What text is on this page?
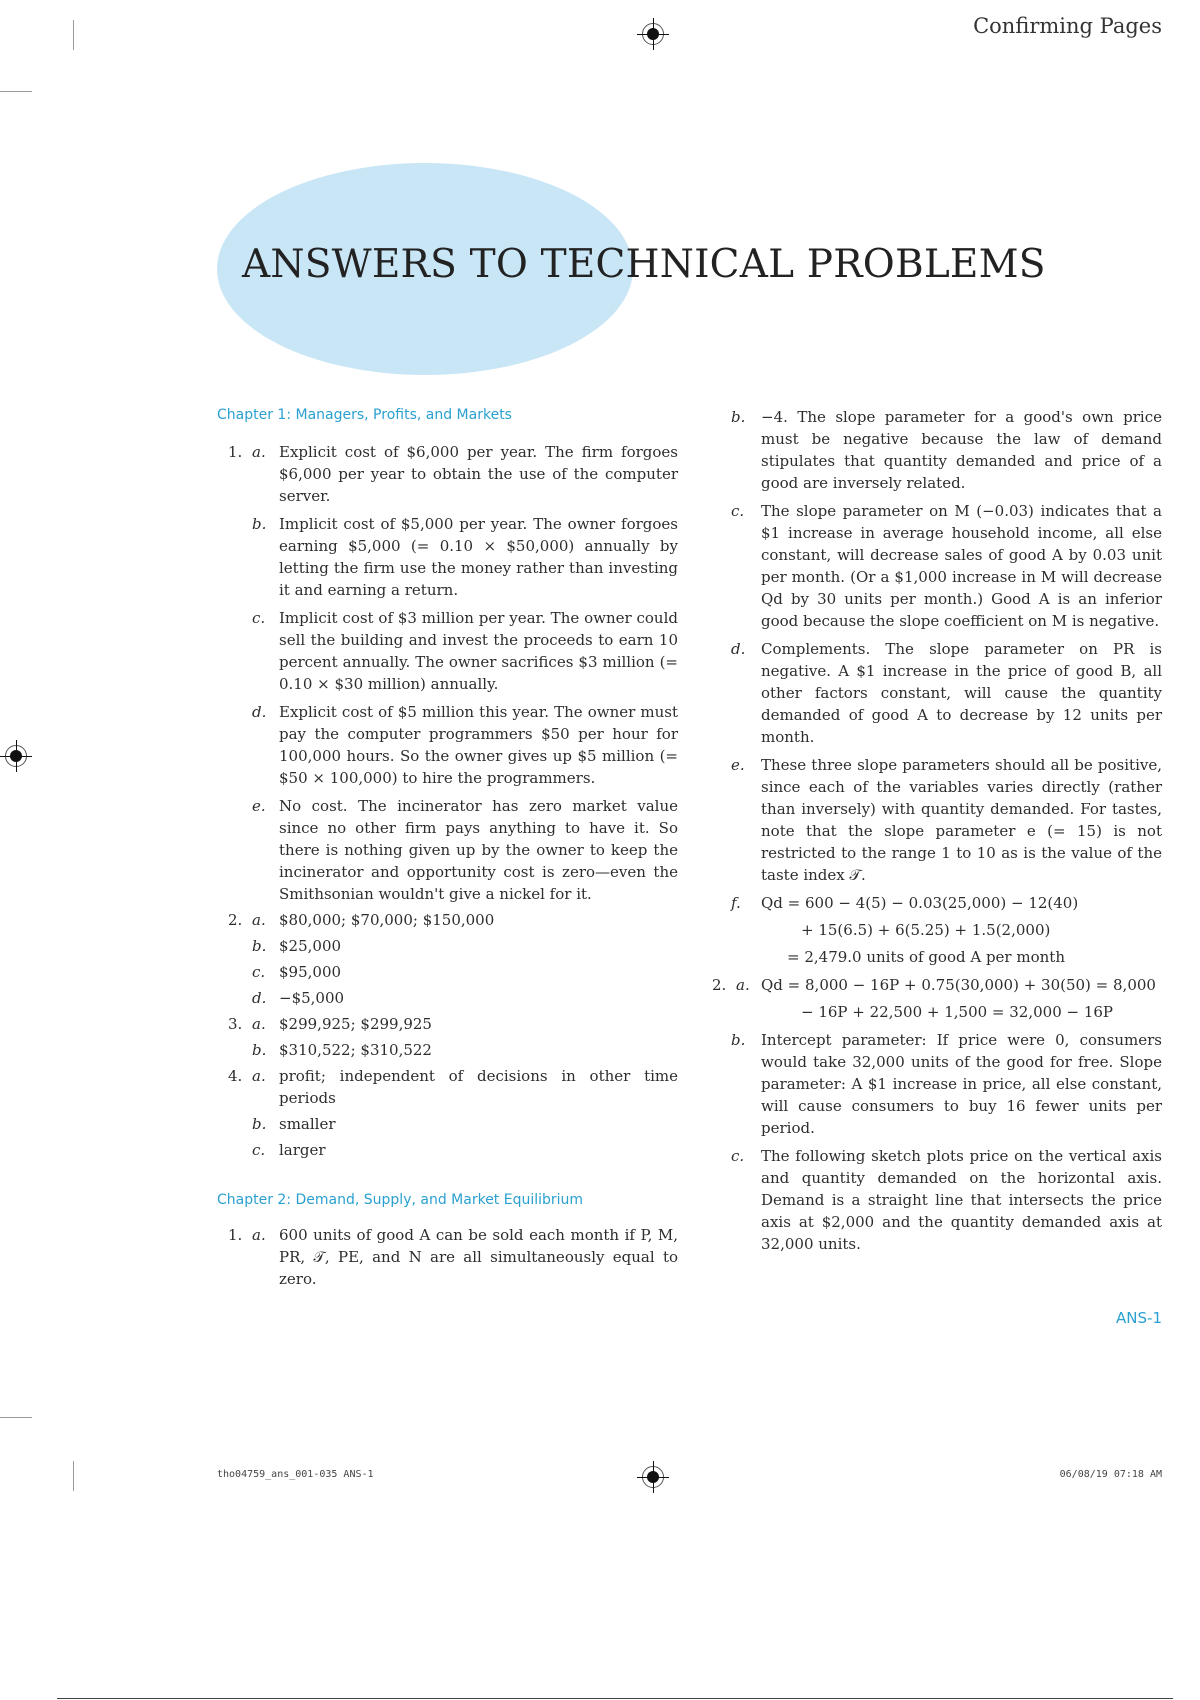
Confirming Pages
ANSWERS TO TECHNICAL PROBLEMS
Chapter 1: Managers, Profits, and Markets
1. a. Explicit cost of $6,000 per year. The firm forgoes $6,000 per year to obtain the use of the computer server.
b. Implicit cost of $5,000 per year. The owner forgoes earning $5,000 (= 0.10 × $50,000) annually by letting the firm use the money rather than investing it and earning a return.
c. Implicit cost of $3 million per year. The owner could sell the building and invest the proceeds to earn 10 percent annually. The owner sacrifices $3 million (= 0.10 × $30 million) annually.
d. Explicit cost of $5 million this year. The owner must pay the computer programmers $50 per hour for 100,000 hours. So the owner gives up $5 million (= $50 × 100,000) to hire the programmers.
e. No cost. The incinerator has zero market value since no other firm pays anything to have it. So there is nothing given up by the owner to keep the incinerator and opportunity cost is zero—even the Smithsonian wouldn't give a nickel for it.
2. a. $80,000; $70,000; $150,000
b. $25,000
c. $95,000
d. −$5,000
3. a. $299,925; $299,925
b. $310,522; $310,522
4. a. profit; independent of decisions in other time periods
b. smaller
c. larger
Chapter 2: Demand, Supply, and Market Equilibrium
1. a. 600 units of good A can be sold each month if P, M, PR, 𝒯, PE, and N are all simultaneously equal to zero.
b. −4. The slope parameter for a good's own price must be negative because the law of demand stipulates that quantity demanded and price of a good are inversely related.
c. The slope parameter on M (−0.03) indicates that a $1 increase in average household income, all else constant, will decrease sales of good A by 0.03 unit per month. (Or a $1,000 increase in M will decrease Qd by 30 units per month.) Good A is an inferior good because the slope coefficient on M is negative.
d. Complements. The slope parameter on PR is negative. A $1 increase in the price of good B, all other factors constant, will cause the quantity demanded of good A to decrease by 12 units per month.
e. These three slope parameters should all be positive, since each of the variables varies directly (rather than inversely) with quantity demanded. For tastes, note that the slope parameter e (= 15) is not restricted to the range 1 to 10 as is the value of the taste index 𝒯.
f. Qd = 600 − 4(5) − 0.03(25,000) − 12(40)
+ 15(6.5) + 6(5.25) + 1.5(2,000)
= 2,479.0 units of good A per month
2. a. Qd = 8,000 − 16P + 0.75(30,000) + 30(50) = 8,000
− 16P + 22,500 + 1,500 = 32,000 − 16P
b. Intercept parameter: If price were 0, consumers would take 32,000 units of the good for free. Slope parameter: A $1 increase in price, all else constant, will cause consumers to buy 16 fewer units per period.
c. The following sketch plots price on the vertical axis and quantity demanded on the horizontal axis. Demand is a straight line that intersects the price axis at $2,000 and the quantity demanded axis at 32,000 units.
ANS-1
tho04759_ans_001-035 ANS-1	06/08/19 07:18 AM
